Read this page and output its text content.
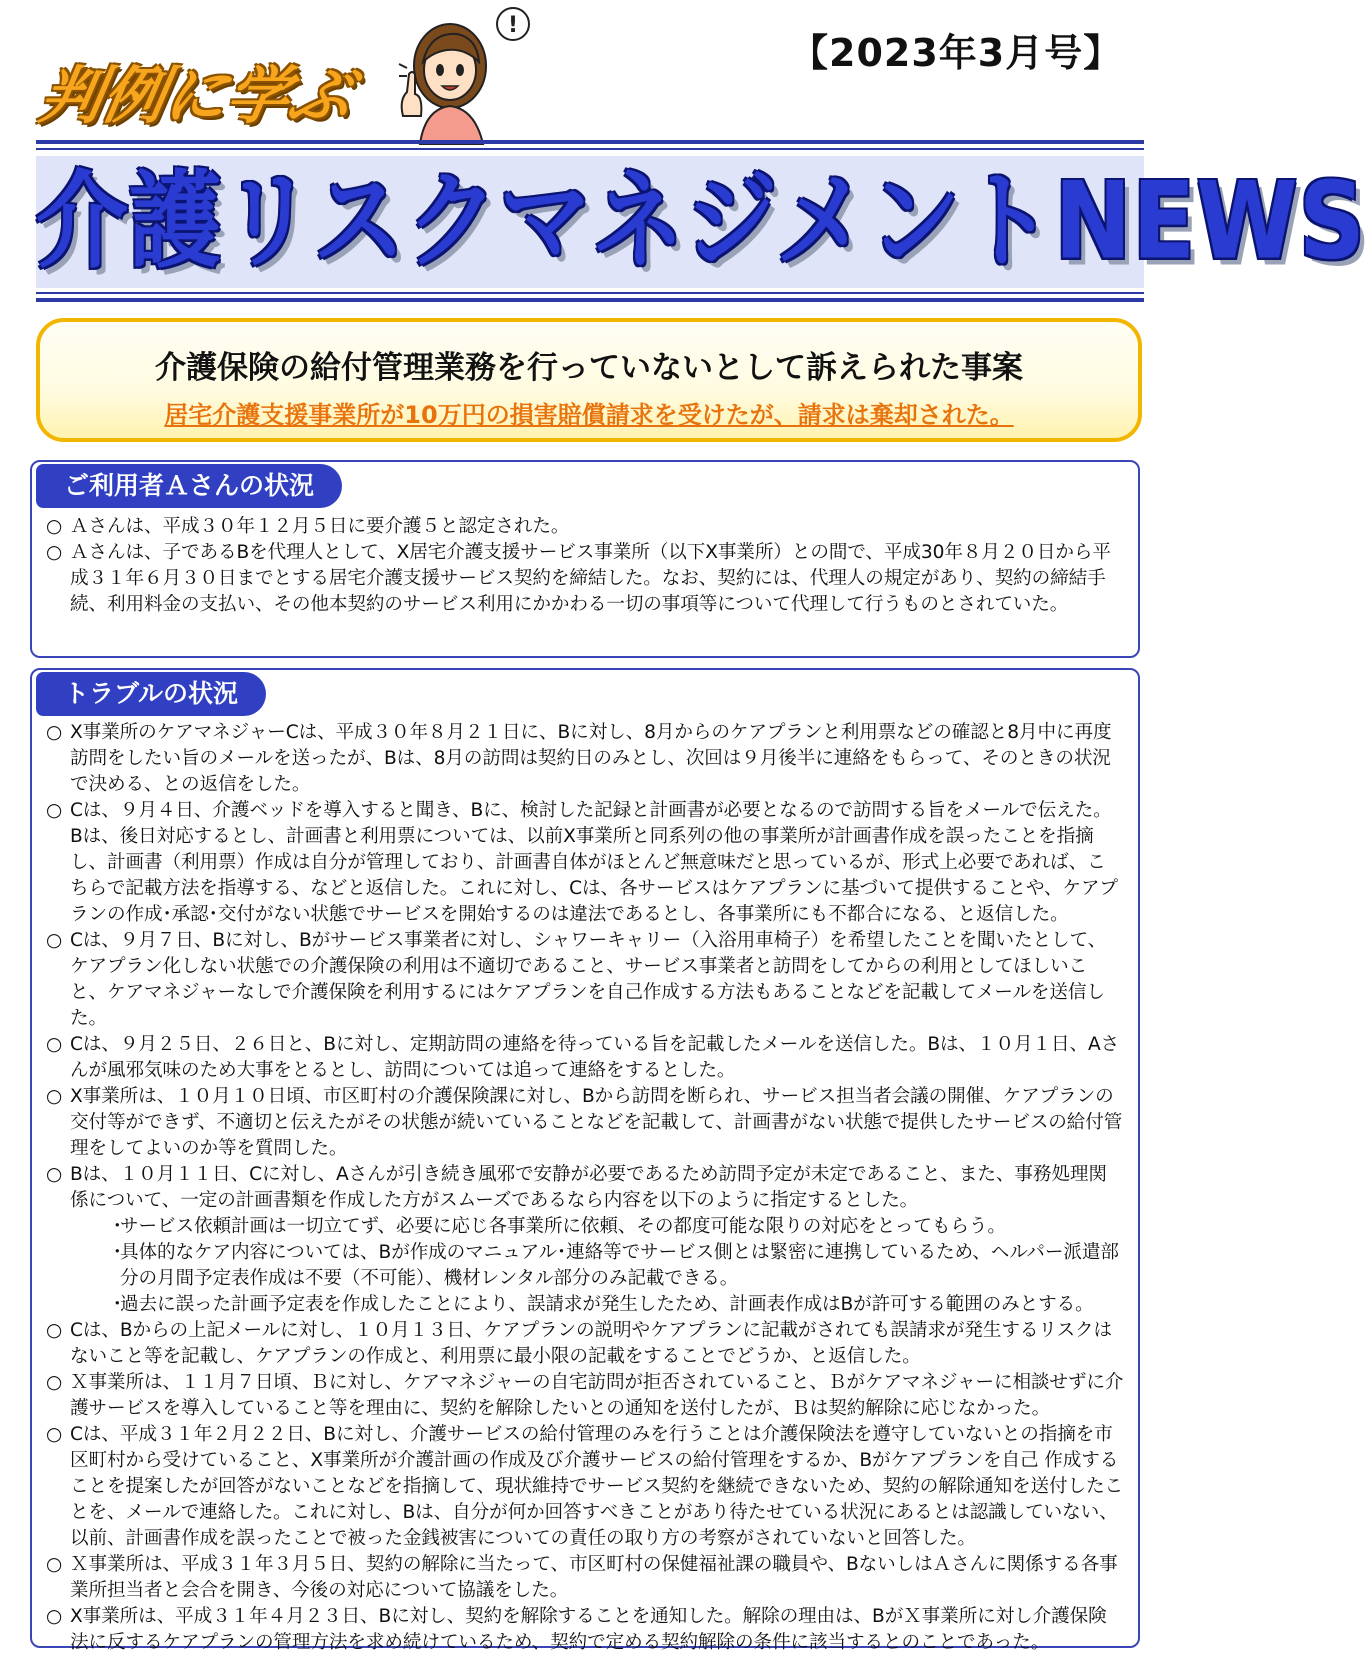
【2023年3月号】
判例に学ぶ
!
介護リスクマネジメントNEWS
介護保険の給付管理業務を行っていないとして訴えられた事案
居宅介護支援事業所が10万円の損害賠償請求を受けたが、請求は棄却された。
ご利用者Ａさんの状況

○ Ａさんは、平成３０年１２月５日に要介護５と認定された。

○ Ａさんは、子であるBを代理人として、X居宅介護支援サービス事業所（以下X事業所）との間で、平成30年８月２０日から平成３１年６月３０日までとする居宅介護支援サービス契約を締結した。なお、契約には、代理人の規定があり、契約の締結手続、利用料金の支払い、その他本契約のサービス利用にかかわる一切の事項等について代理して行うものとされていた。

トラブルの状況

○ X事業所のケアマネジャーCは、平成３０年８月２１日に、Bに対し、8月からのケアプランと利用票などの確認と8月中に再度訪問をしたい旨のメールを送ったが、Bは、8月の訪問は契約日のみとし、次回は９月後半に連絡をもらって、そのときの状況で決める、との返信をした。

○ Cは、９月４日、介護ベッドを導入すると聞き、Bに、検討した記録と計画書が必要となるので訪問する旨をメールで伝えた。Bは、後日対応するとし、計画書と利用票については、以前X事業所と同系列の他の事業所が計画書作成を誤ったことを指摘し、計画書（利用票）作成は自分が管理しており、計画書自体がほとんど無意味だと思っているが、形式上必要であれば、こちらで記載方法を指導する、などと返信した。これに対し、Cは、各サービスはケアプランに基づいて提供することや、ケアプランの作成･承認･交付がない状態でサービスを開始するのは違法であるとし、各事業所にも不都合になる、と返信した。

○ Cは、９月７日、Bに対し、Bがサービス事業者に対し、シャワーキャリー（入浴用車椅子）を希望したことを聞いたとして、ケアプラン化しない状態での介護保険の利用は不適切であること、サービス事業者と訪問をしてからの利用としてほしいこと、ケアマネジャーなしで介護保険を利用するにはケアプランを自己作成する方法もあることなどを記載してメールを送信した。

○ Cは、９月２５日、２６日と、Bに対し、定期訪問の連絡を待っている旨を記載したメールを送信した。Bは、１０月１日、Aさんが風邪気味のため大事をとるとし、訪問については追って連絡をするとした。

○ X事業所は、１０月１０日頃、市区町村の介護保険課に対し、Bから訪問を断られ、サービス担当者会議の開催、ケアプランの交付等ができず、不適切と伝えたがその状態が続いていることなどを記載して、計画書がない状態で提供したサービスの給付管理をしてよいのか等を質問した。

○ Bは、１０月１１日、Cに対し、Aさんが引き続き風邪で安静が必要であるため訪問予定が未定であること、また、事務処理関係について、一定の計画書類を作成した方がスムーズであるなら内容を以下のように指定するとした。

・ サービス依頼計画は一切立てず、必要に応じ各事業所に依頼、その都度可能な限りの対応をとってもらう。

・ 具体的なケア内容については、Bが作成のマニュアル･連絡等でサービス側とは緊密に連携しているため、ヘルパー派遣部分の月間予定表作成は不要（不可能）、機材レンタル部分のみ記載できる。

・ 過去に誤った計画予定表を作成したことにより、誤請求が発生したため、計画表作成はBが許可する範囲のみとする。

○ Cは、Bからの上記メールに対し、１０月１３日、ケアプランの説明やケアプランに記載がされても誤請求が発生するリスクはないこと等を記載し、ケアプランの作成と、利用票に最小限の記載をすることでどうか、と返信した。

○ Ｘ事業所は、１１月７日頃、Ｂに対し、ケアマネジャーの自宅訪問が拒否されていること、Ｂがケアマネジャーに相談せずに介護サービスを導入していること等を理由に、契約を解除したいとの通知を送付したが、Ｂは契約解除に応じなかった。

○ Cは、平成３１年２月２２日、Bに対し、介護サービスの給付管理のみを行うことは介護保険法を遵守していないとの指摘を市区町村から受けていること、X事業所が介護計画の作成及び介護サービスの給付管理をするか、Bがケアプランを自己 作成することを提案したが回答がないことなどを指摘して、現状維持でサービス契約を継続できないため、契約の解除通知を送付したことを、メールで連絡した。これに対し、Bは、自分が何か回答すべきことがあり待たせている状況にあるとは認識していない、以前、計画書作成を誤ったことで被った金銭被害についての責任の取り方の考察がされていないと回答した。

○ Ｘ事業所は、平成３１年３月５日、契約の解除に当たって、市区町村の保健福祉課の職員や、BないしはＡさんに関係する各事業所担当者と会合を開き、今後の対応について協議をした。

○ X事業所は、平成３１年４月２３日、Bに対し、契約を解除することを通知した。解除の理由は、BがＸ事業所に対し介護保険法に反するケアプランの管理方法を求め続けているため、契約で定める契約解除の条件に該当するとのことであった。
